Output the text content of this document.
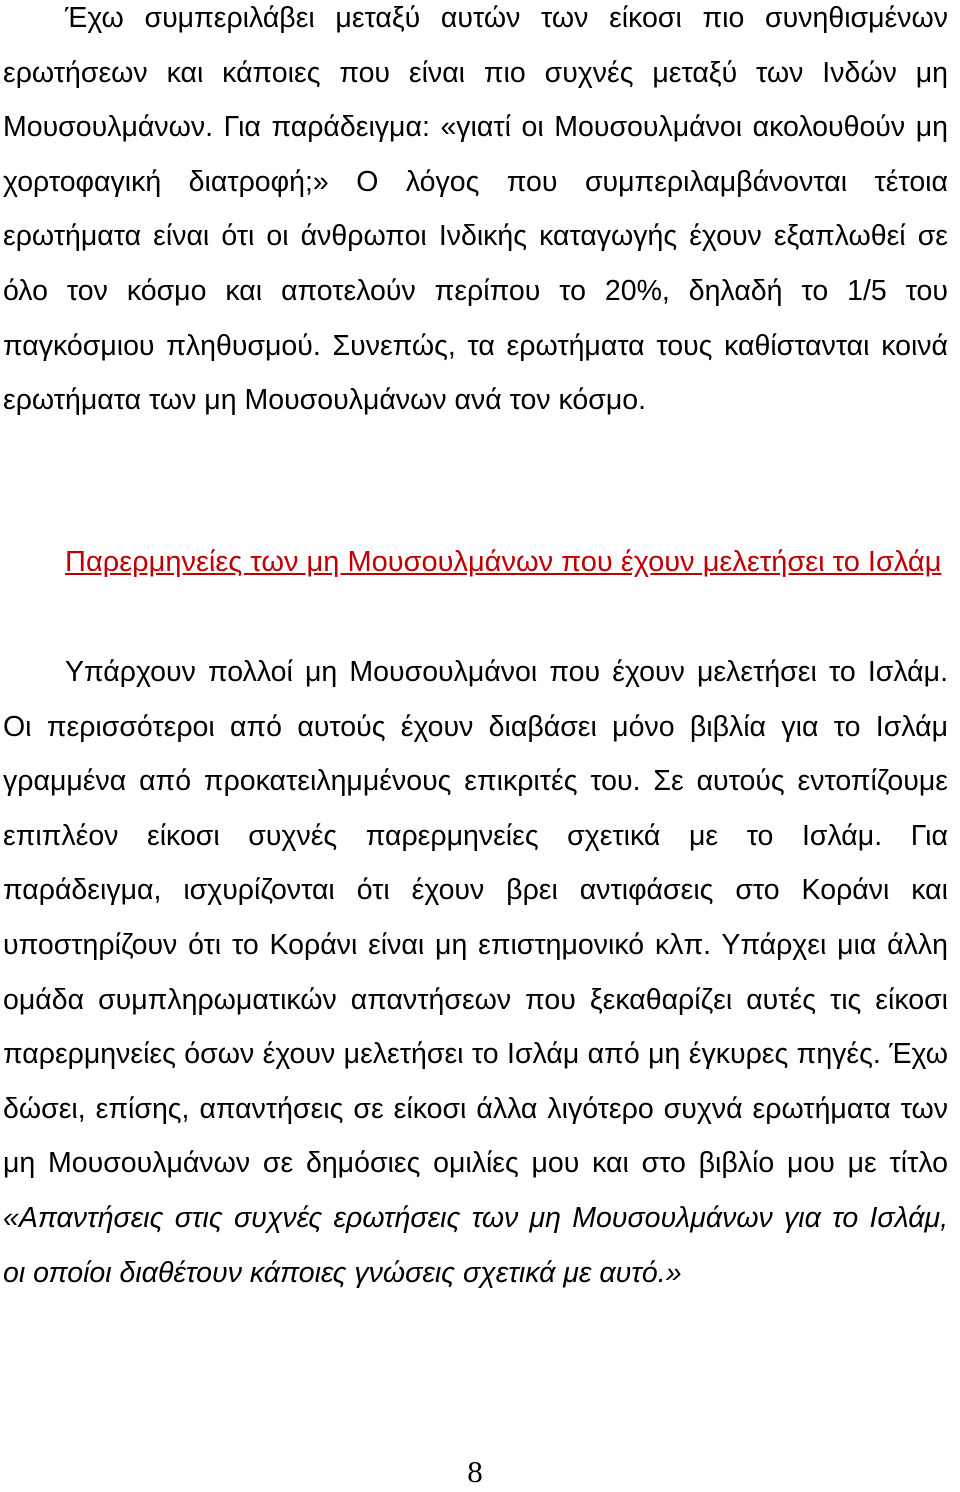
Έχω συμπεριλάβει μεταξύ αυτών των είκοσι πιο συνηθισμένων ερωτήσεων και κάποιες που είναι πιο συχνές μεταξύ των Ινδών μη Μουσουλμάνων. Για παράδειγμα: «γιατί οι Μουσουλμάνοι ακολουθούν μη χορτοφαγική διατροφή;» Ο λόγος που συμπεριλαμβάνονται τέτοια ερωτήματα είναι ότι οι άνθρωποι Ινδικής καταγωγής έχουν εξαπλωθεί σε όλο τον κόσμο και αποτελούν περίπου το 20%, δηλαδή το 1/5 του παγκόσμιου πληθυσμού. Συνεπώς, τα ερωτήματα τους καθίστανται κοινά ερωτήματα των μη Μουσουλμάνων ανά τον κόσμο.

Παρερμηνείες των μη Μουσουλμάνων που έχουν μελετήσει το Ισλάμ

Υπάρχουν πολλοί μη Μουσουλμάνοι που έχουν μελετήσει το Ισλάμ. Οι περισσότεροι από αυτούς έχουν διαβάσει μόνο βιβλία για το Ισλάμ γραμμένα από προκατειλημμένους επικριτές του. Σε αυτούς εντοπίζουμε επιπλέον είκοσι συχνές παρερμηνείες σχετικά με το Ισλάμ. Για παράδειγμα, ισχυρίζονται ότι έχουν βρει αντιφάσεις στο Κοράνι και υποστηρίζουν ότι το Κοράνι είναι μη επιστημονικό κλπ. Υπάρχει μια άλλη ομάδα συμπληρωματικών απαντήσεων που ξεκαθαρίζει αυτές τις είκοσι παρερμηνείες όσων έχουν μελετήσει το Ισλάμ από μη έγκυρες πηγές. Έχω δώσει, επίσης, απαντήσεις σε είκοσι άλλα λιγότερο συχνά ερωτήματα των μη Μουσουλμάνων σε δημόσιες ομιλίες μου και στο βιβλίο μου με τίτλο «Απαντήσεις στις συχνές ερωτήσεις των μη Μουσουλμάνων για το Ισλάμ, οι οποίοι διαθέτουν κάποιες γνώσεις σχετικά με αυτό.»

8
